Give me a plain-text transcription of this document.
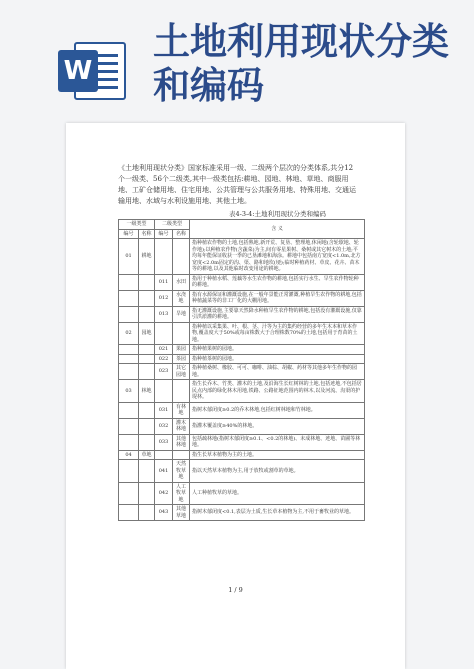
W
土地利用现状分类和编码

《土地利用现状分类》国家标准采用一级、二级两个层次的分类体系,共分12个一级类、56个二级类,其中一级类包括:耕地、园地、林地、草地、商服用地、工矿仓储用地、住宅用地、公共管理与公共服务用地、特殊用地、交通运输用地、水域与水利设施用地、其他土地。

表4-3-4:土地利用现状分类和编码
一级类型		二级类型		含 义
编号	名称	编号	名称	
01	耕地			指种植农作物的土地,包括熟地,新开荒、复垦、整理地,休闲地(含轮歇地、轮作地);以种植农作物(含蔬菜)为主,间有零星果树、桑树或其它树木的土地;平均每年能保证收获一季的已垦滩地和海涂。耕地中包括南方宽度<1.0m,北方宽度<2.0m固定的沟、渠、路和地坎(埂);临时种植药材、草皮、花卉、苗木等的耕地,以及其他临时改变用途的耕地。
		011	水田	指用于种植水稻、莲藕等水生农作物的耕地,包括实行水生、旱生农作物轮种的耕地。
		012	水浇地	指有水源保证和灌溉设施,在一般年景能正常灌溉,种植旱生农作物的耕地,包括种植蔬菜等的非工厂化的大棚用地。
		013	旱地	指无灌溉设施,主要靠天然降水种植旱生农作物的耕地,包括没有灌溉设施,仅靠引洪淤灌的耕地。
02	园地			指种植以采集果、叶、根、茎、汁等为主的集约经营的多年生木本和草本作物,覆盖度大于50%或每亩株数大于合理株数70%的土地,包括用于育苗的土地。
		021	果园	指种植果树的园地。
		022	茶园	指种植茶树的园地。
		023	其它园地	指种植桑树、橡胶、可可、咖啡、油棕、胡椒、药材等其他多年生作物的园地。
03	林地			指生长乔木、竹类、灌木的土地,及沿海生长红树林的土地,包括迹地,不包括居民点内部的绿化林木用地,铁路、公路征地范围内的林木,以及河流、沟渠的护堤林。
		031	有林地	指树木郁闭度≥0.2的乔木林地,包括红树林地和竹林地。
		032	灌木林地	指灌木覆盖度≥40%的林地。
		033	其他林地	包括疏林地(指树木郁闭度≥0.1、<0.2的林地)、未成林地、迹地、苗圃等林地。
04	草地			指生长草本植物为主的土地。
		041	天然牧草地	指以天然草本植物为主,用于放牧或割草的草地。
		042	人工牧草地	人工种植牧草的草地。
		043	其他草地	指树木郁闭度<0.1,表层为土质,生长草本植物为主,不用于畜牧业的草地。
1 / 9
